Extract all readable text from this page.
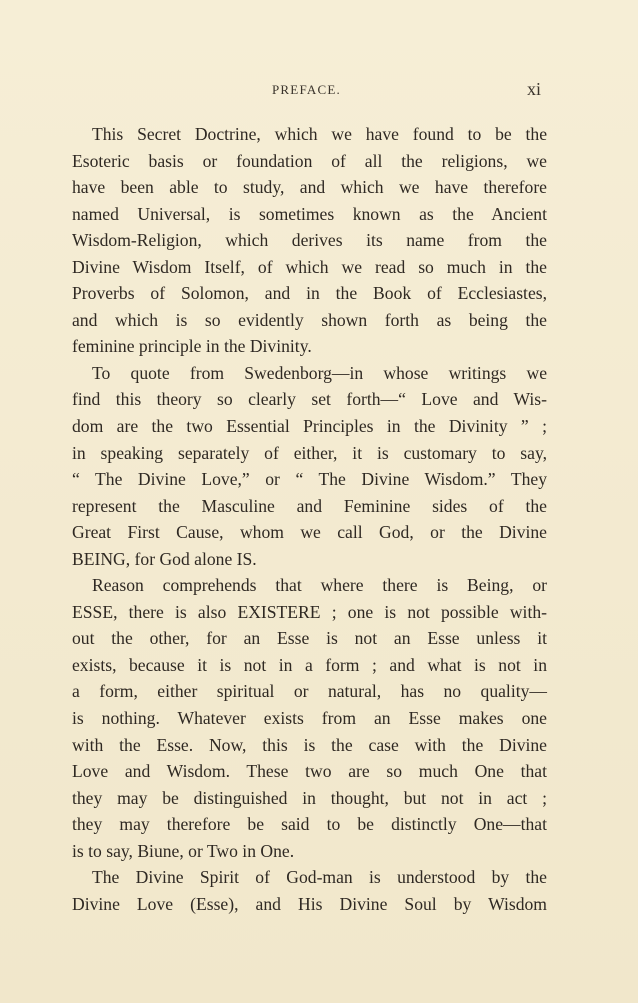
PREFACE.	xi
This Secret Doctrine, which we have found to be the
Esoteric basis or foundation of all the religions, we
have been able to study, and which we have therefore
named Universal, is sometimes known as the Ancient
Wisdom-Religion, which derives its name from the
Divine Wisdom Itself, of which we read so much in the
Proverbs of Solomon, and in the Book of Ecclesiastes,
and which is so evidently shown forth as being the
feminine principle in the Divinity.
To quote from Swedenborg—in whose writings we
find this theory so clearly set forth—“ Love and Wis-
dom are the two Essential Principles in the Divinity ” ;
in speaking separately of either, it is customary to say,
“ The Divine Love,” or “ The Divine Wisdom.” They
represent the Masculine and Feminine sides of the
Great First Cause, whom we call God, or the Divine
BEING, for God alone IS.
Reason comprehends that where there is Being, or
ESSE, there is also EXISTERE ; one is not possible with-
out the other, for an Esse is not an Esse unless it
exists, because it is not in a form ; and what is not in
a form, either spiritual or natural, has no quality—
is nothing. Whatever exists from an Esse makes one
with the Esse. Now, this is the case with the Divine
Love and Wisdom. These two are so much One that
they may be distinguished in thought, but not in act ;
they may therefore be said to be distinctly One—that
is to say, Biune, or Two in One.
The Divine Spirit of God-man is understood by the
Divine Love (Esse), and His Divine Soul by Wisdom
